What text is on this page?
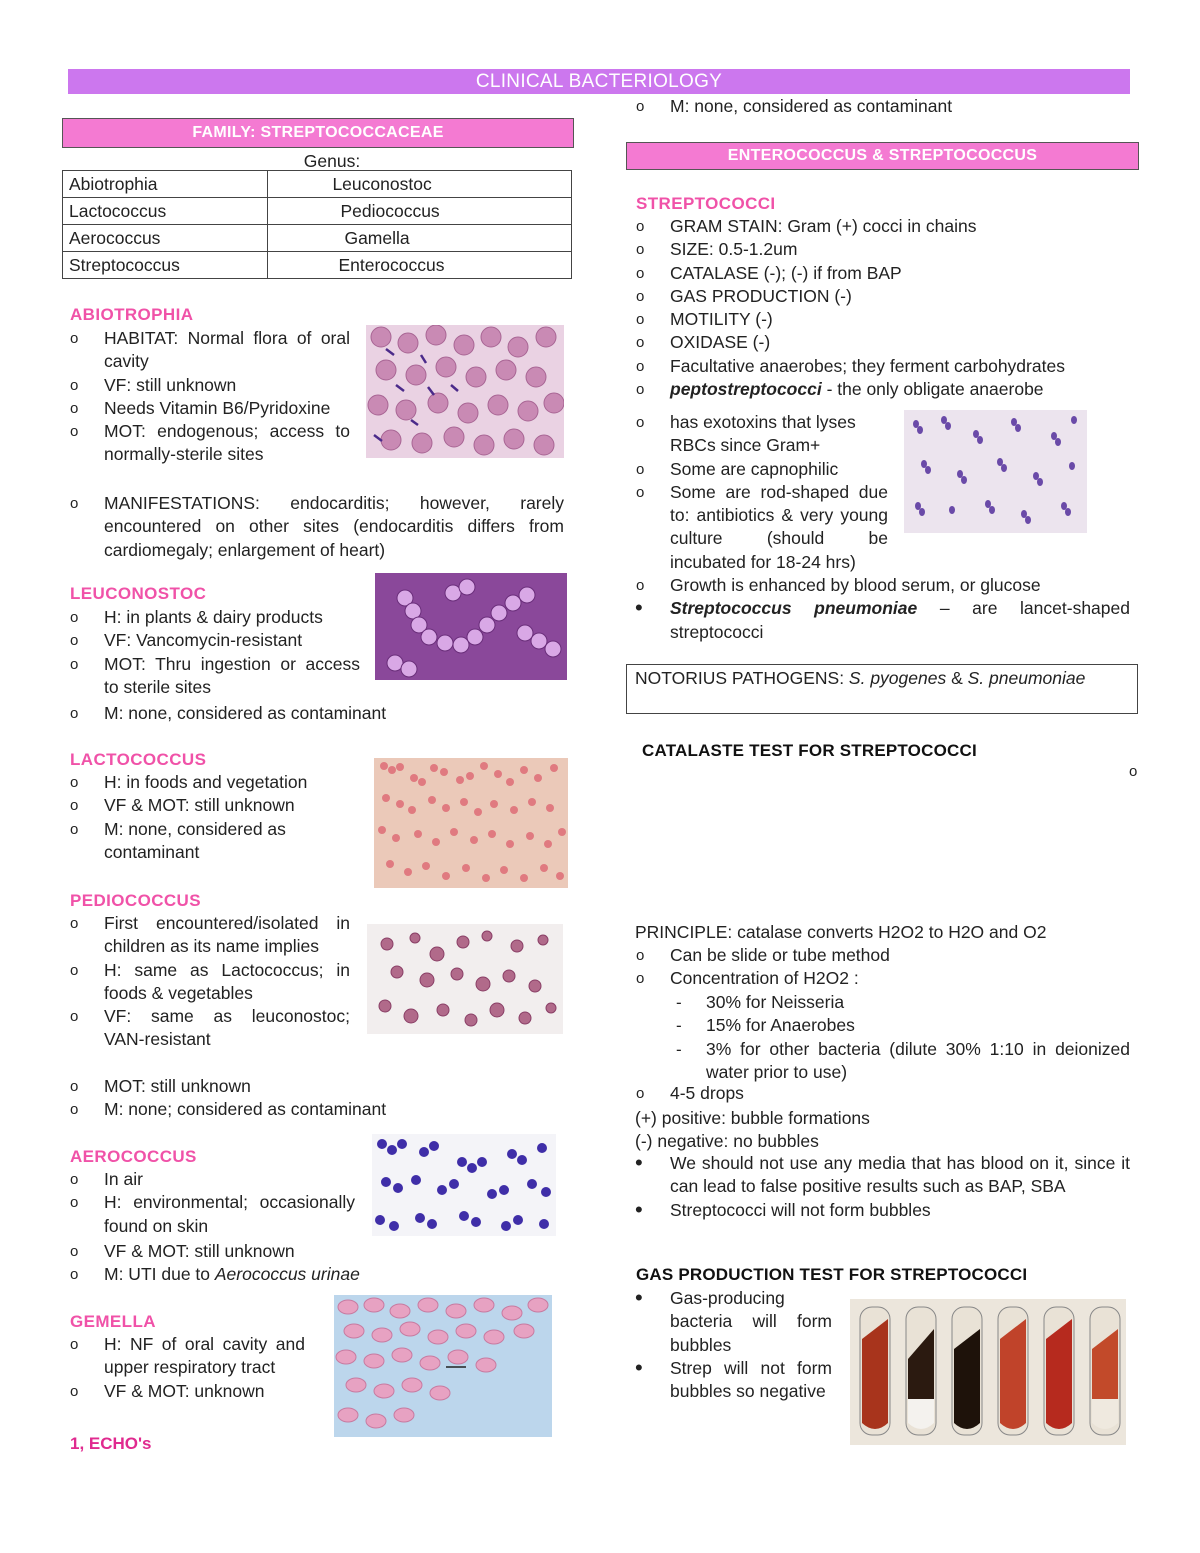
CLINICAL BACTERIOLOGY
FAMILY: STREPTOCOCCACEAE
Genus:
Abiotrophia	Leuconostoc
Lactococcus	Pediococcus
Aerococcus	Gamella
Streptococcus	Enterococcus
ABIOTROPHIA
o HABITAT: Normal flora of oral cavity
o VF: still unknown
o Needs Vitamin B6/Pyridoxine
o MOT: endogenous; access to normally-sterile sites
o MANIFESTATIONS: endocarditis; however, rarely encountered on other sites (endocarditis differs from cardiomegaly; enlargement of heart)
LEUCONOSTOC
o H: in plants & dairy products
o VF: Vancomycin-resistant
o MOT: Thru ingestion or access to sterile sites
o M: none, considered as contaminant
LACTOCOCCUS
o H: in foods and vegetation
o VF & MOT: still unknown
o M: none, considered as contaminant
PEDIOCOCCUS
o First encountered/isolated in children as its name implies
o H: same as Lactococcus; in foods & vegetables
o VF: same as leuconostoc; VAN-resistant
o MOT: still unknown
o M: none; considered as contaminant
AEROCOCCUS
o In air
o H: environmental; occasionally found on skin
o VF & MOT: still unknown
o M: UTI due to Aerococcus urinae
GEMELLA
o H: NF of oral cavity and upper respiratory tract
o VF & MOT: unknown
1, ECHO's
o M: none, considered as contaminant
ENTEROCOCCUS & STREPTOCOCCUS
STREPTOCOCCI
o GRAM STAIN: Gram (+) cocci in chains
o SIZE: 0.5-1.2um
o CATALASE (-); (-) if from BAP
o GAS PRODUCTION (-)
o MOTILITY (-)
o OXIDASE (-)
o Facultative anaerobes; they ferment carbohydrates
o peptostreptococci - the only obligate anaerobe
o has exotoxins that lyses RBCs since Gram+
o Some are capnophilic
o Some are rod-shaped due to: antibiotics & very young culture (should be incubated for 18-24 hrs)
o Growth is enhanced by blood serum, or glucose
• Streptococcus pneumoniae – are lancet-shaped streptococci
NOTORIUS PATHOGENS: S. pyogenes & S. pneumoniae
CATALASTE TEST FOR STREPTOCOCCI
o
PRINCIPLE: catalase converts H2O2 to H2O and O2
o Can be slide or tube method
o Concentration of H2O2 :
- 30% for Neisseria
- 15% for Anaerobes
- 3% for other bacteria (dilute 30% 1:10 in deionized water prior to use)
o 4-5 drops
(+) positive: bubble formations
(-) negative: no bubbles
• We should not use any media that has blood on it, since it can lead to false positive results such as BAP, SBA
• Streptococci will not form bubbles
GAS PRODUCTION TEST FOR STREPTOCOCCI
• Gas-producing bacteria will form bubbles
• Strep will not form bubbles so negative
